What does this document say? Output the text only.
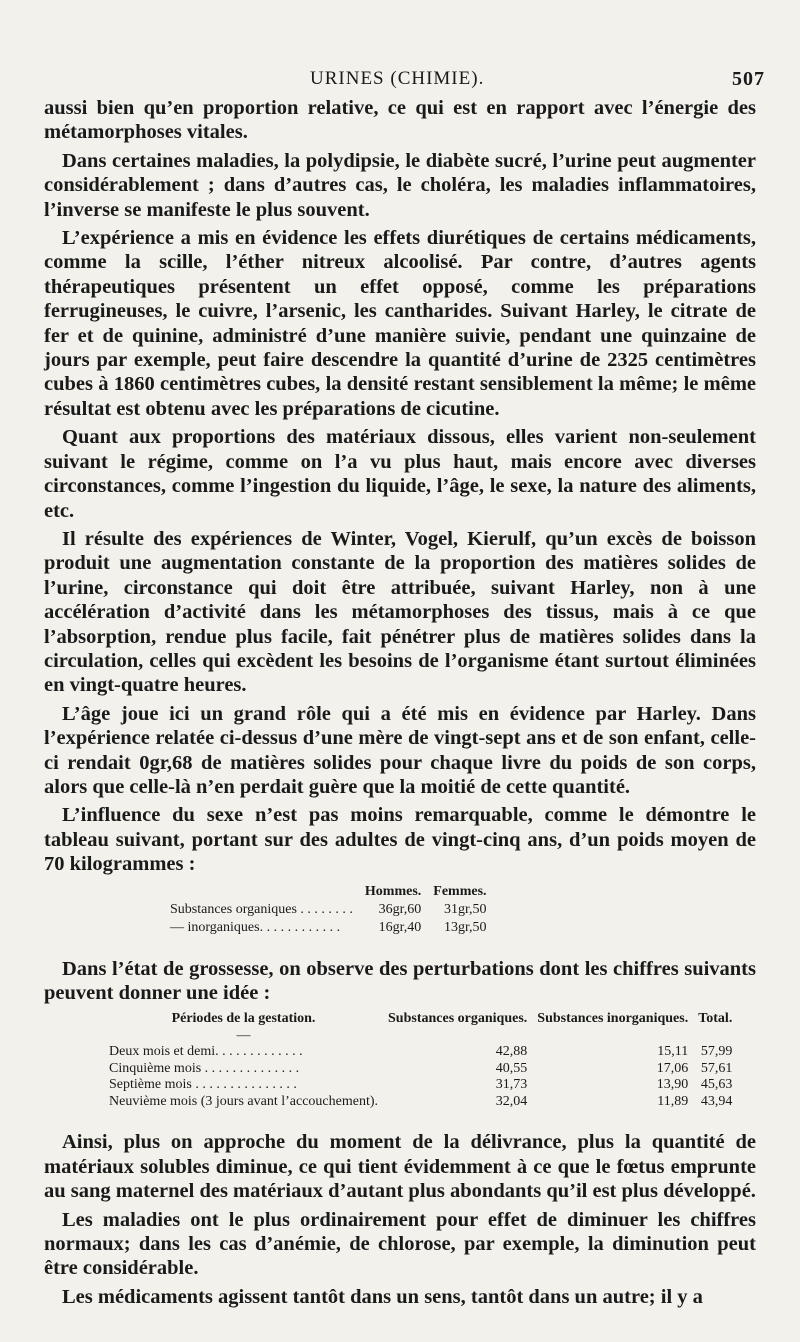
URINES (CHIMIE).	507

aussi bien qu’en proportion relative, ce qui est en rapport avec l’énergie des métamorphoses vitales.

Dans certaines maladies, la polydipsie, le diabète sucré, l’urine peut augmenter considérablement ; dans d’autres cas, le choléra, les maladies inflammatoires, l’inverse se manifeste le plus souvent.

L’expérience a mis en évidence les effets diurétiques de certains médicaments, comme la scille, l’éther nitreux alcoolisé. Par contre, d’autres agents thérapeutiques présentent un effet opposé, comme les préparations ferrugineuses, le cuivre, l’arsenic, les cantharides. Suivant Harley, le citrate de fer et de quinine, administré d’une manière suivie, pendant une quinzaine de jours par exemple, peut faire descendre la quantité d’urine de 2325 centimètres cubes à 1860 centimètres cubes, la densité restant sensiblement la même; le même résultat est obtenu avec les préparations de cicutine.

Quant aux proportions des matériaux dissous, elles varient non-seulement suivant le régime, comme on l’a vu plus haut, mais encore avec diverses circonstances, comme l’ingestion du liquide, l’âge, le sexe, la nature des aliments, etc.

Il résulte des expériences de Winter, Vogel, Kierulf, qu’un excès de boisson produit une augmentation constante de la proportion des matières solides de l’urine, circonstance qui doit être attribuée, suivant Harley, non à une accélération d’activité dans les métamorphoses des tissus, mais à ce que l’absorption, rendue plus facile, fait pénétrer plus de matières solides dans la circulation, celles qui excèdent les besoins de l’organisme étant surtout éliminées en vingt-quatre heures.

L’âge joue ici un grand rôle qui a été mis en évidence par Harley. Dans l’expérience relatée ci-dessus d’une mère de vingt-sept ans et de son enfant, celle-ci rendait 0gr,68 de matières solides pour chaque livre du poids de son corps, alors que celle-là n’en perdait guère que la moitié de cette quantité.

L’influence du sexe n’est pas moins remarquable, comme le démontre le tableau suivant, portant sur des adultes de vingt-cinq ans, d’un poids moyen de 70 kilogrammes :

	Hommes.	Femmes.
Substances organiques . . . . . . . .	36gr,60	31gr,50
— inorganiques. . . . . . . . . . . .	16gr,40	13gr,50

Dans l’état de grossesse, on observe des perturbations dont les chiffres suivants peuvent donner une idée :

Périodes de la gestation.	Substances organiques.	Substances inorganiques.	Total.
—			
Deux mois et demi. . . . . . . . . . . . .	42,88	15,11	57,99
Cinquième mois . . . . . . . . . . . . . .	40,55	17,06	57,61
Septième mois . . . . . . . . . . . . . . .	31,73	13,90	45,63
Neuvième mois (3 jours avant l’accouchement).	32,04	11,89	43,94

Ainsi, plus on approche du moment de la délivrance, plus la quantité de matériaux solubles diminue, ce qui tient évidemment à ce que le fœtus emprunte au sang maternel des matériaux d’autant plus abondants qu’il est plus développé.

Les maladies ont le plus ordinairement pour effet de diminuer les chiffres normaux; dans les cas d’anémie, de chlorose, par exemple, la diminution peut être considérable.

Les médicaments agissent tantôt dans un sens, tantôt dans un autre; il y a
